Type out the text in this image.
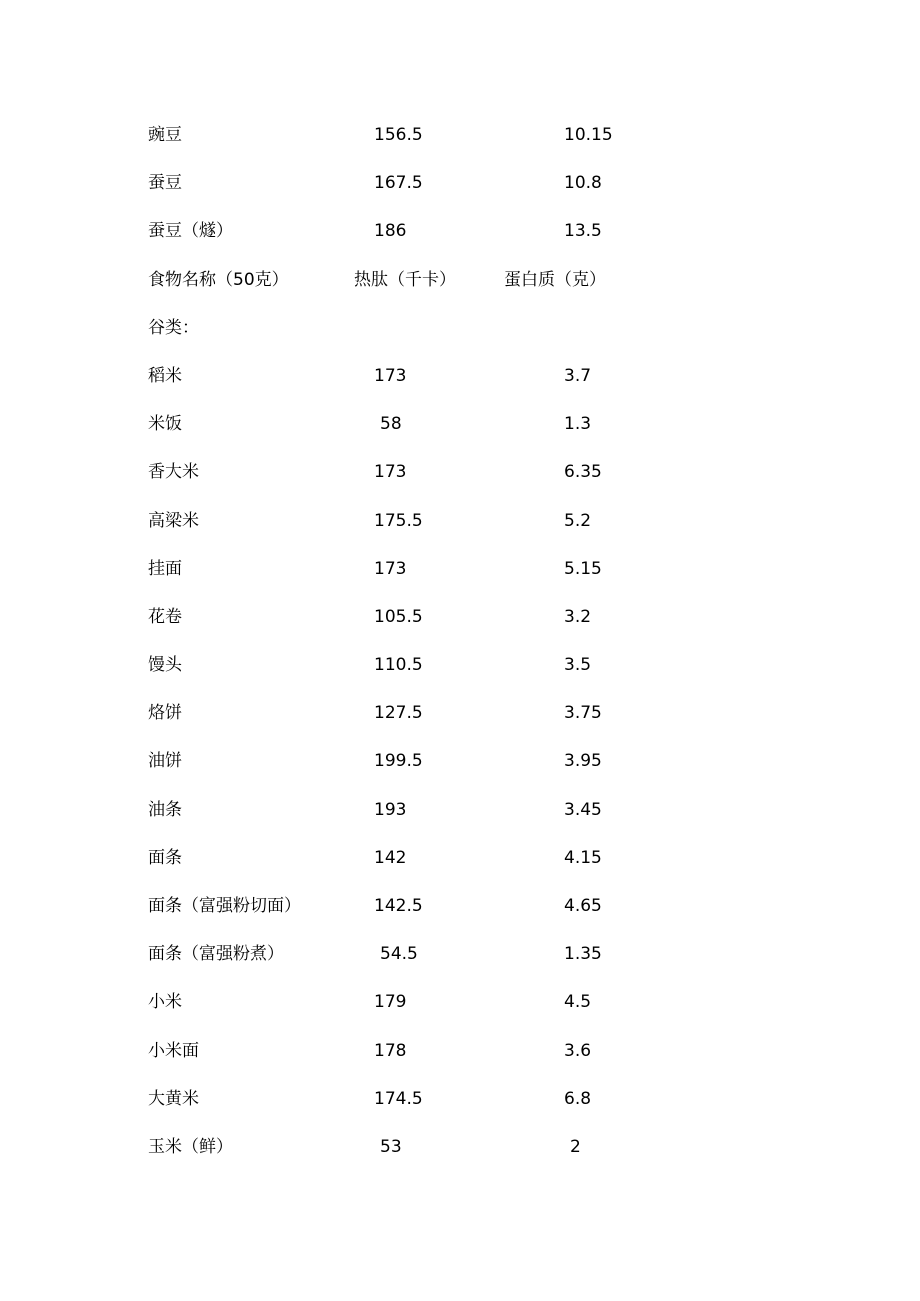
豌豆	156.5	10.15
蚕豆	167.5	10.8
蚕豆（燧）	186	13.5
食物名称（50克）	热肽（千卡）	蛋白质（克）
谷类：
稻米	173	3.7
米饭	58	1.3
香大米	173	6.35
高梁米	175.5	5.2
挂面	173	5.15
花卷	105.5	3.2
馒头	110.5	3.5
烙饼	127.5	3.75
油饼	199.5	3.95
油条	193	3.45
面条	142	4.15
面条（富强粉切面）	142.5	4.65
面条（富强粉煮）	54.5	1.35
小米	179	4.5
小米面	178	3.6
大黄米	174.5	6.8
玉米（鲜）	53	2
